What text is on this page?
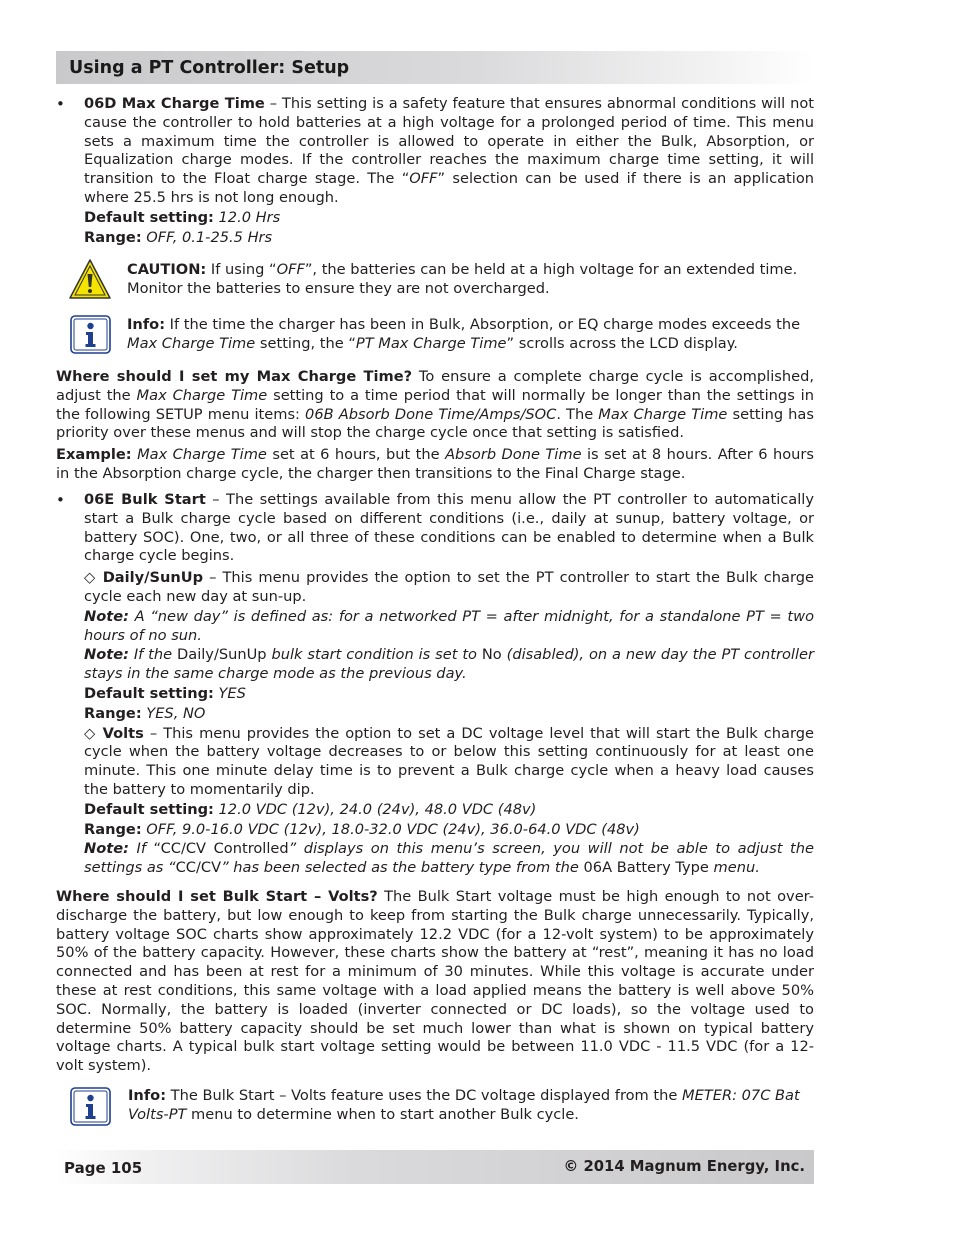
Using a PT Controller: Setup
• 06D Max Charge Time – This setting is a safety feature that ensures abnormal conditions will not cause the controller to hold batteries at a high voltage for a prolonged period of time. This menu sets a maximum time the controller is allowed to operate in either the Bulk, Absorption, or Equalization charge modes. If the controller reaches the maximum charge time setting, it will transition to the Float charge stage. The “OFF” selection can be used if there is an application where 25.5 hrs is not long enough.

Default setting: 12.0 Hrs

Range: OFF, 0.1-25.5 Hrs

CAUTION: If using “OFF”, the batteries can be held at a high voltage for an extended time. Monitor the batteries to ensure they are not overcharged.

Info: If the time the charger has been in Bulk, Absorption, or EQ charge modes exceeds the Max Charge Time setting, the “PT Max Charge Time” scrolls across the LCD display.

Where should I set my Max Charge Time? To ensure a complete charge cycle is accomplished, adjust the Max Charge Time setting to a time period that will normally be longer than the settings in the following SETUP menu items: 06B Absorb Done Time/Amps/SOC. The Max Charge Time setting has priority over these menus and will stop the charge cycle once that setting is satisfied.

Example: Max Charge Time set at 6 hours, but the Absorb Done Time is set at 8 hours. After 6 hours in the Absorption charge cycle, the charger then transitions to the Final Charge stage.

• 06E Bulk Start – The settings available from this menu allow the PT controller to automatically start a Bulk charge cycle based on different conditions (i.e., daily at sunup, battery voltage, or battery SOC). One, two, or all three of these conditions can be enabled to determine when a Bulk charge cycle begins.

◇ Daily/SunUp – This menu provides the option to set the PT controller to start the Bulk charge cycle each new day at sun-up.

Note: A “new day” is defined as: for a networked PT = after midnight, for a standalone PT = two hours of no sun.

Note: If the Daily/SunUp bulk start condition is set to No (disabled), on a new day the PT controller stays in the same charge mode as the previous day.

Default setting: YES

Range: YES, NO

◇ Volts – This menu provides the option to set a DC voltage level that will start the Bulk charge cycle when the battery voltage decreases to or below this setting continuously for at least one minute. This one minute delay time is to prevent a Bulk charge cycle when a heavy load causes the battery to momentarily dip.

Default setting: 12.0 VDC (12v), 24.0 (24v), 48.0 VDC (48v)

Range: OFF, 9.0-16.0 VDC (12v), 18.0-32.0 VDC (24v), 36.0-64.0 VDC (48v)

Note: If “CC/CV Controlled” displays on this menu’s screen, you will not be able to adjust the settings as “CC/CV” has been selected as the battery type from the 06A Battery Type menu.

Where should I set Bulk Start – Volts? The Bulk Start voltage must be high enough to not over-discharge the battery, but low enough to keep from starting the Bulk charge unnecessarily. Typically, battery voltage SOC charts show approximately 12.2 VDC (for a 12-volt system) to be approximately 50% of the battery capacity. However, these charts show the battery at “rest”, meaning it has no load connected and has been at rest for a minimum of 30 minutes. While this voltage is accurate under these at rest conditions, this same voltage with a load applied means the battery is well above 50% SOC. Normally, the battery is loaded (inverter connected or DC loads), so the voltage used to determine 50% battery capacity should be set much lower than what is shown on typical battery voltage charts. A typical bulk start voltage setting would be between 11.0 VDC - 11.5 VDC (for a 12-volt system).

Info: The Bulk Start – Volts feature uses the DC voltage displayed from the METER: 07C Bat Volts-PT menu to determine when to start another Bulk cycle.

Page 105	© 2014 Magnum Energy, Inc.
